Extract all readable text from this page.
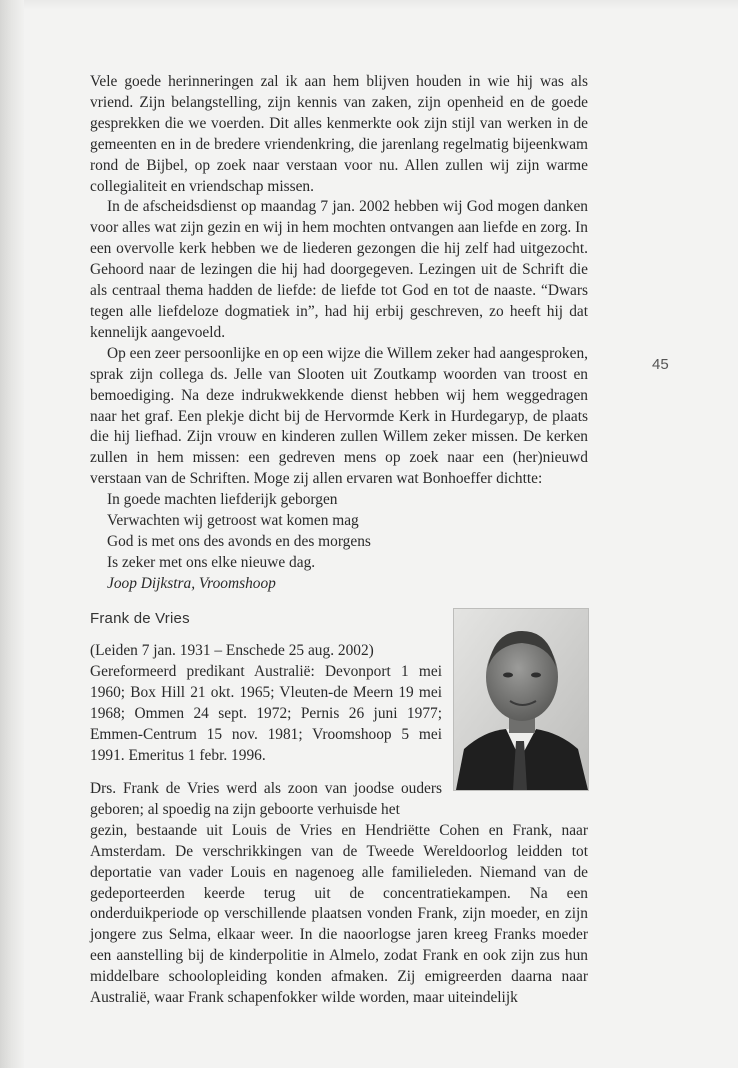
45

Vele goede herinneringen zal ik aan hem blijven houden in wie hij was als vriend. Zijn belangstelling, zijn kennis van zaken, zijn openheid en de goede gesprekken die we voerden. Dit alles kenmerkte ook zijn stijl van werken in de gemeenten en in de bredere vriendenkring, die jarenlang regelmatig bijeenkwam rond de Bijbel, op zoek naar verstaan voor nu. Allen zullen wij zijn warme collegialiteit en vriendschap missen.

In de afscheidsdienst op maandag 7 jan. 2002 hebben wij God mogen danken voor alles wat zijn gezin en wij in hem mochten ontvangen aan liefde en zorg. In een overvolle kerk hebben we de liederen gezongen die hij zelf had uitgezocht. Gehoord naar de lezingen die hij had doorgegeven. Lezingen uit de Schrift die als centraal thema hadden de liefde: de liefde tot God en tot de naaste. “Dwars tegen alle liefdeloze dogmatiek in”, had hij erbij geschreven, zo heeft hij dat kennelijk aangevoeld.

Op een zeer persoonlijke en op een wijze die Willem zeker had aangesproken, sprak zijn collega ds. Jelle van Slooten uit Zoutkamp woorden van troost en bemoediging. Na deze indrukwekkende dienst hebben wij hem weggedragen naar het graf. Een plekje dicht bij de Hervormde Kerk in Hurdegaryp, de plaats die hij liefhad. Zijn vrouw en kinderen zullen Willem zeker missen. De kerken zullen in hem missen: een gedreven mens op zoek naar een (her)nieuwd verstaan van de Schriften. Moge zij allen ervaren wat Bonhoeffer dichtte:

In goede machten liefderijk geborgen
Verwachten wij getroost wat komen mag
God is met ons des avonds en des morgens
Is zeker met ons elke nieuwe dag.
Joop Dijkstra, Vroomshoop
Frank de Vries
(Leiden 7 jan. 1931 – Enschede 25 aug. 2002)
Gereformeerd predikant Australië: Devonport 1 mei 1960; Box Hill 21 okt. 1965; Vleuten-de Meern 19 mei 1968; Ommen 24 sept. 1972; Pernis 26 juni 1977; Emmen-Centrum 15 nov. 1981; Vroomshoop 5 mei 1991. Emeritus 1 febr. 1996.
Drs. Frank de Vries werd als zoon van joodse ouders geboren; al spoedig na zijn geboorte verhuisde het
gezin, bestaande uit Louis de Vries en Hendriëtte Cohen en Frank, naar Amsterdam. De verschrikkingen van de Tweede Wereldoorlog leidden tot deportatie van vader Louis en nagenoeg alle familieleden. Niemand van de gedeporteerden keerde terug uit de concentratiekampen. Na een onderduikperiode op verschillende plaatsen vonden Frank, zijn moeder, en zijn jongere zus Selma, elkaar weer. In die naoorlogse jaren kreeg Franks moeder een aanstelling bij de kinderpolitie in Almelo, zodat Frank en ook zijn zus hun middelbare schoolopleiding konden afmaken. Zij emigreerden daarna naar Australië, waar Frank schapenfokker wilde worden, maar uiteindelijk
